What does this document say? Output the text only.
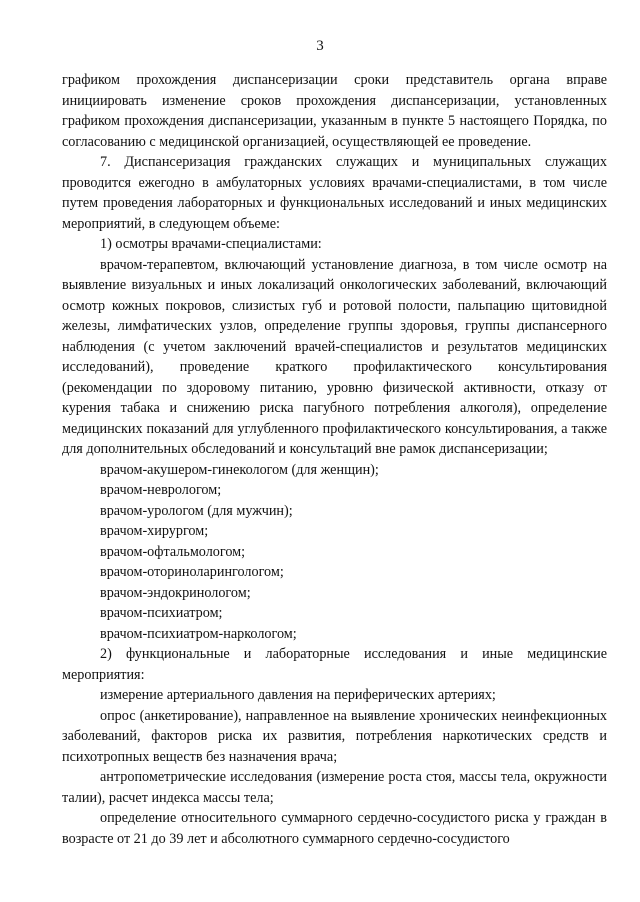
3

графиком прохождения диспансеризации сроки представитель органа вправе инициировать изменение сроков прохождения диспансеризации, установленных графиком прохождения диспансеризации, указанным в пункте 5 настоящего Порядка, по согласованию с медицинской организацией, осуществляющей ее проведение.

7. Диспансеризация гражданских служащих и муниципальных служащих проводится ежегодно в амбулаторных условиях врачами-специалистами, в том числе путем проведения лабораторных и функциональных исследований и иных медицинских мероприятий, в следующем объеме:

1) осмотры врачами-специалистами:

врачом-терапевтом, включающий установление диагноза, в том числе осмотр на выявление визуальных и иных локализаций онкологических заболеваний, включающий осмотр кожных покровов, слизистых губ и ротовой полости, пальпацию щитовидной железы, лимфатических узлов, определение группы здоровья, группы диспансерного наблюдения (с учетом заключений врачей-специалистов и результатов медицинских исследований), проведение краткого профилактического консультирования (рекомендации по здоровому питанию, уровню физической активности, отказу от курения табака и снижению риска пагубного потребления алкоголя), определение медицинских показаний для углубленного профилактического консультирования, а также для дополнительных обследований и консультаций вне рамок диспансеризации;

врачом-акушером-гинекологом (для женщин);

врачом-неврологом;

врачом-урологом (для мужчин);

врачом-хирургом;

врачом-офтальмологом;

врачом-оториноларингологом;

врачом-эндокринологом;

врачом-психиатром;

врачом-психиатром-наркологом;

2) функциональные и лабораторные исследования и иные медицинские мероприятия:

измерение артериального давления на периферических артериях;

опрос (анкетирование), направленное на выявление хронических неинфекционных заболеваний, факторов риска их развития, потребления наркотических средств и психотропных веществ без назначения врача;

антропометрические исследования (измерение роста стоя, массы тела, окружности талии), расчет индекса массы тела;

определение относительного суммарного сердечно-сосудистого риска у граждан в возрасте от 21 до 39 лет и абсолютного суммарного сердечно-сосудистого
